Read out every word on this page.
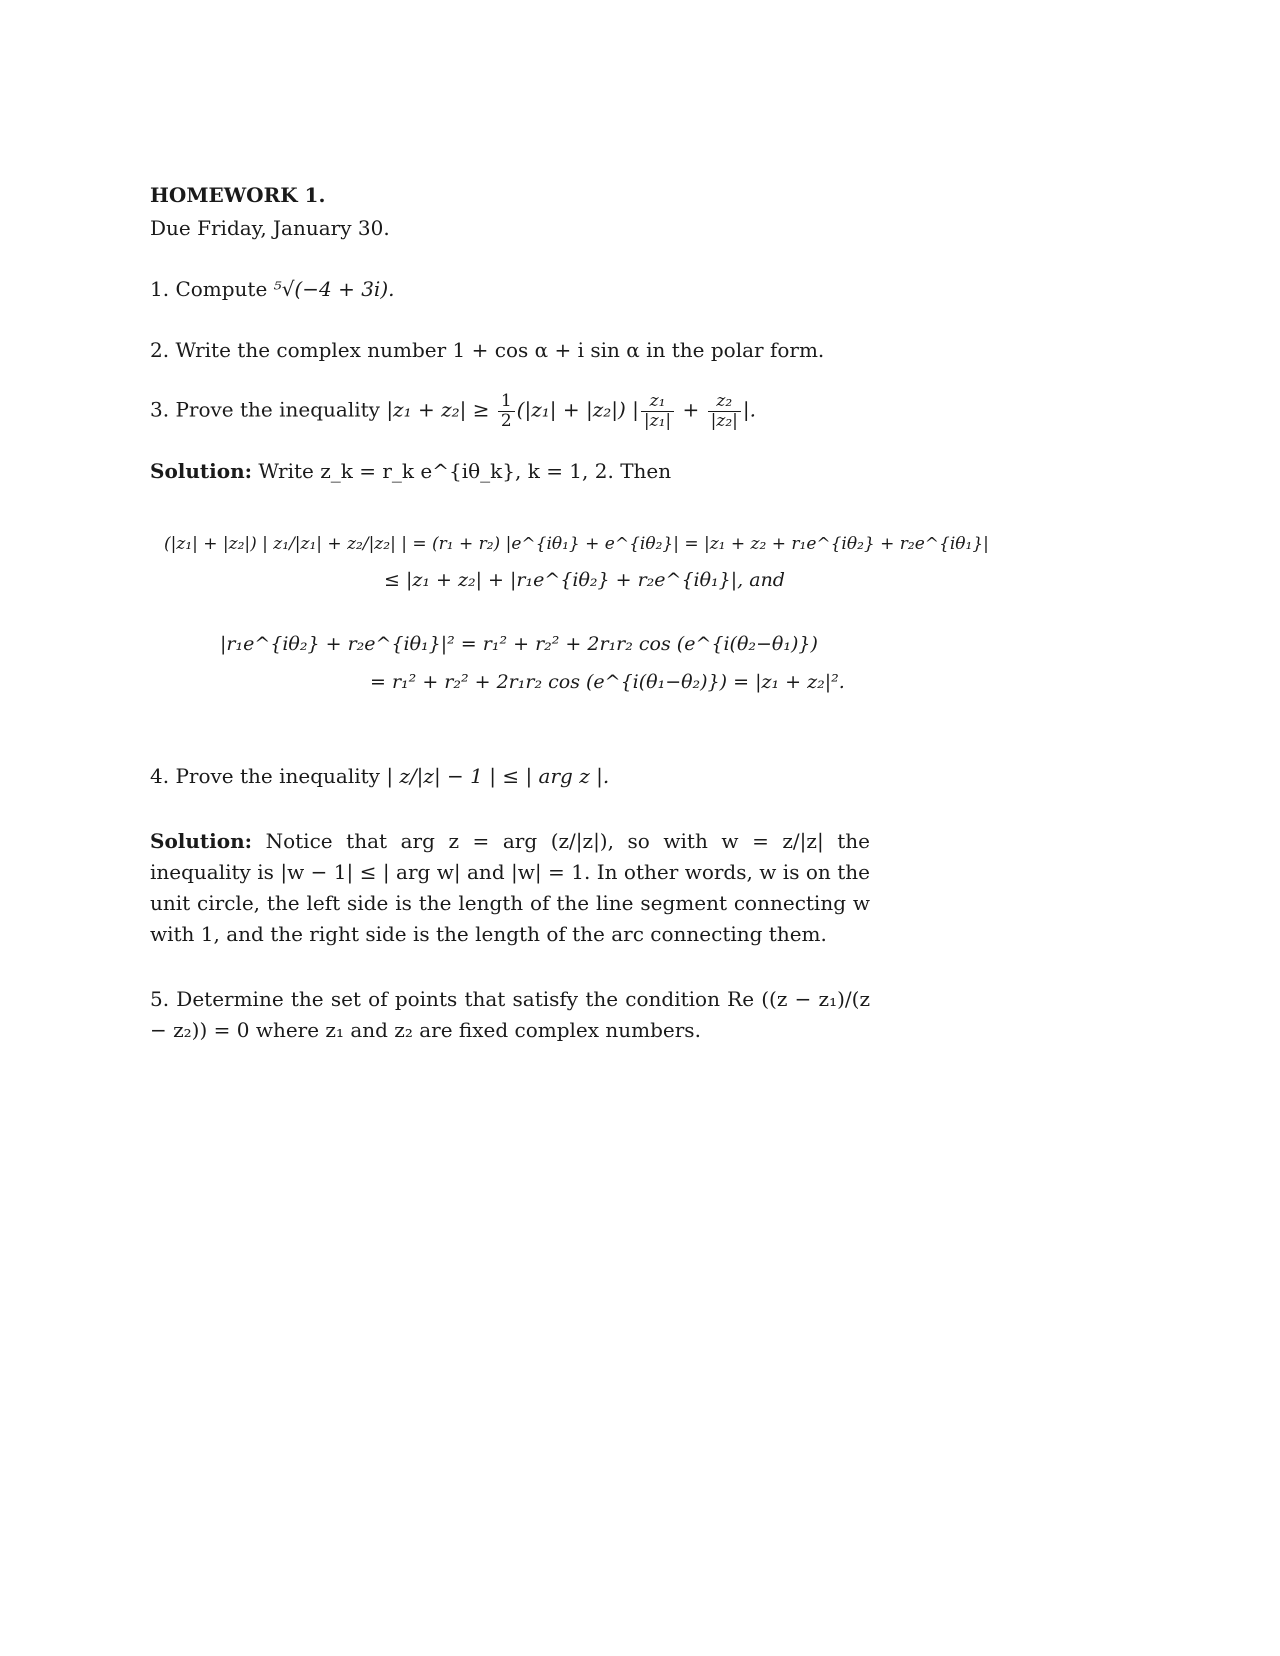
HOMEWORK 1.
Due Friday, January 30.
1. Compute ⁵√(−4 + 3i).
2. Write the complex number 1 + cos α + i sin α in the polar form.
3. Prove the inequality $|z_1 + z_2| \ge \frac{1}{2} (|z_1| + |z_2|)$ | $\frac{\text{z₁}}{\text{|z₁|}} + \frac{\text{z₂}}{\text{|z₂|}}$ |.
Solution: Write z_k = r_k e^{iθ_k}, k = 1, 2. Then
(|z₁| + |z₂|) | z₁/|z₁| + z₂/|z₂| | = (r₁ + r₂) |e^{iθ₁} + e^{iθ₂}| = |z₁ + z₂ + r₁e^{iθ₂} + r₂e^{iθ₁}|
≤ |z₁ + z₂| + |r₁e^{iθ₂} + r₂e^{iθ₁}|, and
|r₁e^{iθ₂} + r₂e^{iθ₁}|² = r₁² + r₂² + 2r₁r₂ cos (e^{i(θ₂−θ₁)})
= r₁² + r₂² + 2r₁r₂ cos (e^{i(θ₁−θ₂)}) = |z₁ + z₂|².
4. Prove the inequality | z/|z| − 1 | ≤ | arg z |.
Solution: Notice that arg z = arg (z/|z|), so with w = z/|z| the inequality is |w − 1| ≤ | arg w| and |w| = 1. In other words, w is on the unit circle, the left side is the length of the line segment connecting w with 1, and the right side is the length of the arc connecting them.
5. Determine the set of points that satisfy the condition Re ((z − z₁)/(z − z₂)) = 0 where z₁ and z₂ are fixed complex numbers.
